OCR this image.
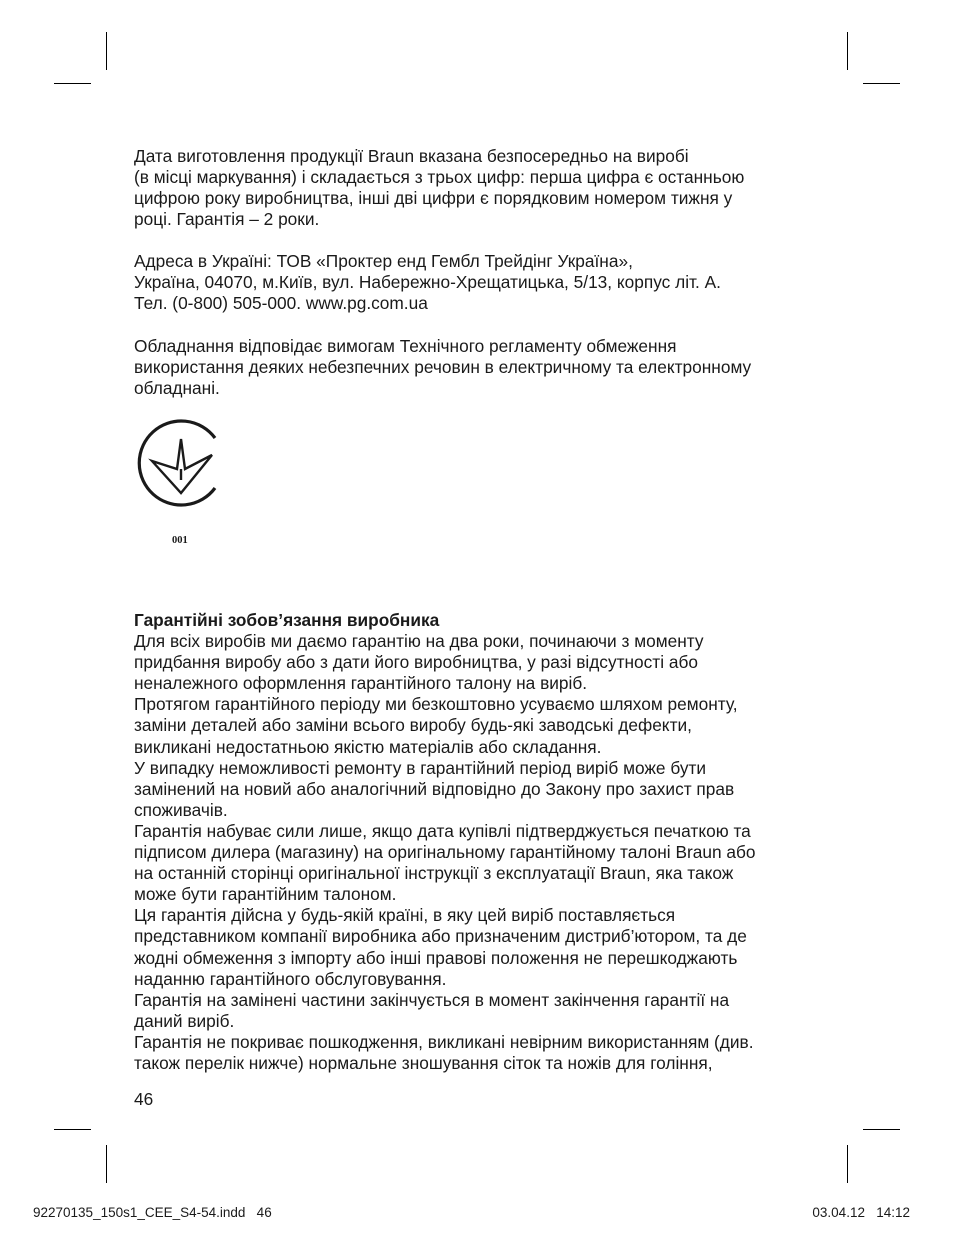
Дата виготовлення продукції Braun вказана безпосередньо на виробі
(в місці маркування) і складається з трьох цифр: перша цифра є останньою
цифрою року виробництва, інші дві цифри є порядковим номером тижня у
році. Гарантія – 2 роки.

Адреса в Україні: ТОВ «Проктер енд Гембл Трейдінг Україна»,
Україна, 04070, м.Київ, вул. Набережно-Хрещатицька, 5/13, корпус літ. А.
Тел. (0-800) 505-000. www.pg.com.ua

Обладнання відповідає вимогам Технічного регламенту обмеження
використання деяких небезпечних речовин в електричному та електронному
обладнані.

001
Гарантійні зобов’язання виробника
Для всіх виробів ми даємо гарантію на два роки, починаючи з моменту
придбання виробу або з дати його виробництва, у разі відсутності або
неналежного оформлення гарантійного талону на виріб.
Протягом гарантійного періоду ми безкоштовно усуваємо шляхом ремонту,
заміни деталей або заміни всього виробу будь-які заводські дефекти,
викликані недостатньою якістю матеріалів або складання.
У випадку неможливості ремонту в гарантійний період виріб може бути
замінений на новий або аналогічний відповідно до Закону про захист прав
споживачів.
Гарантія набуває сили лише, якщо дата купівлі підтверджується печаткою та
підписом дилера (магазину) на оригінальному гарантійному талоні Braun або
на останній сторінці оригінальної інструкції з експлуатації Braun, яка також
може бути гарантійним талоном.
Ця гарантія дійсна у будь-якій країні, в яку цей виріб поставляється
представником компанії виробника або призначеним дистриб’ютором, та де
жодні обмеження з імпорту або інші правові положення не перешкоджають
наданню гарантійного обслуговування.
Гарантія на замінені частини закінчується в момент закінчення гарантії на
даний виріб.
Гарантія не покриває пошкодження, викликані невірним використанням (див.
також перелік нижче) нормальне зношування сіток та ножів для гоління,
46
92270135_150s1_CEE_S4-54.indd   46	03.04.12   14:12
